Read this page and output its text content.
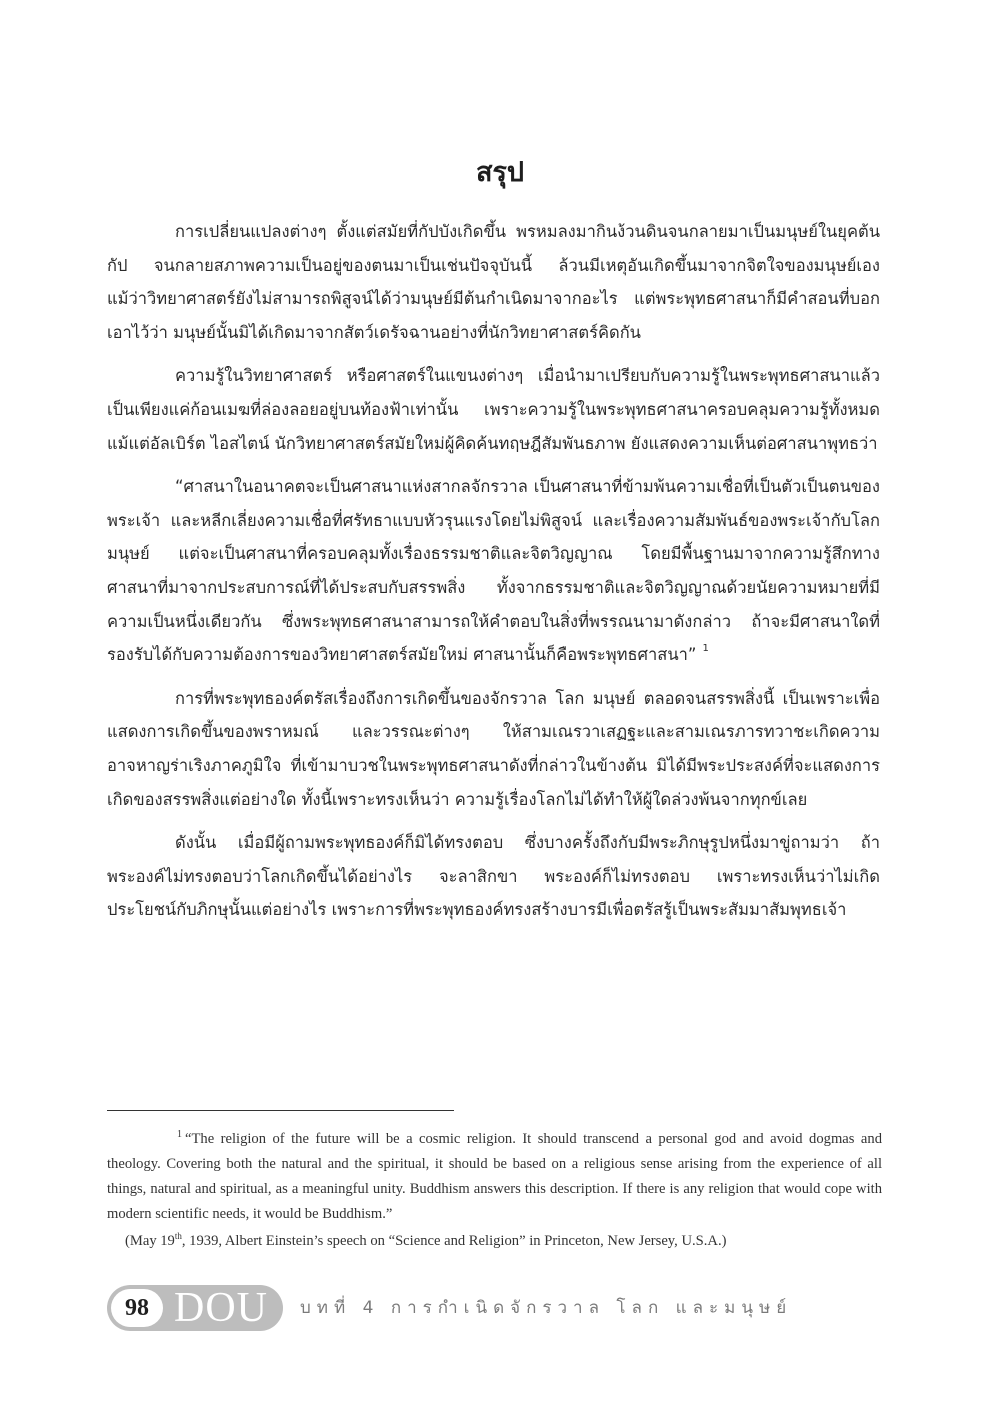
สรุป

การเปลี่ยนแปลงต่างๆ ตั้งแต่สมัยที่กัปบังเกิดขึ้น พรหมลงมากินง้วนดินจนกลายมาเป็นมนุษย์ในยุคต้นกัป จนกลายสภาพความเป็นอยู่ของตนมาเป็นเช่นปัจจุบันนี้ ล้วนมีเหตุอันเกิดขึ้นมาจากจิตใจของมนุษย์เอง แม้ว่าวิทยาศาสตร์ยังไม่สามารถพิสูจน์ได้ว่ามนุษย์มีต้นกำเนิดมาจากอะไร แต่พระพุทธศาสนาก็มีคำสอนที่บอกเอาไว้ว่า มนุษย์นั้นมิได้เกิดมาจากสัตว์เดรัจฉานอย่างที่นักวิทยาศาสตร์คิดกัน

ความรู้ในวิทยาศาสตร์ หรือศาสตร์ในแขนงต่างๆ เมื่อนำมาเปรียบกับความรู้ในพระพุทธศาสนาแล้ว เป็นเพียงแค่ก้อนเมฆที่ล่องลอยอยู่บนท้องฟ้าเท่านั้น เพราะความรู้ในพระพุทธศาสนาครอบคลุมความรู้ทั้งหมด แม้แต่อัลเบิร์ต ไอสไตน์ นักวิทยาศาสตร์สมัยใหม่ผู้คิดค้นทฤษฎีสัมพันธภาพ ยังแสดงความเห็นต่อศาสนาพุทธว่า

“ศาสนาในอนาคตจะเป็นศาสนาแห่งสากลจักรวาล เป็นศาสนาที่ข้ามพ้นความเชื่อที่เป็นตัวเป็นตนของพระเจ้า และหลีกเลี่ยงความเชื่อที่ศรัทธาแบบหัวรุนแรงโดยไม่พิสูจน์ และเรื่องความสัมพันธ์ของพระเจ้ากับโลกมนุษย์ แต่จะเป็นศาสนาที่ครอบคลุมทั้งเรื่องธรรมชาติและจิตวิญญาณ โดยมีพื้นฐานมาจากความรู้สึกทางศาสนาที่มาจากประสบการณ์ที่ได้ประสบกับสรรพสิ่ง ทั้งจากธรรมชาติและจิตวิญญาณด้วยนัยความหมายที่มีความเป็นหนึ่งเดียวกัน ซึ่งพระพุทธศาสนาสามารถให้คำตอบในสิ่งที่พรรณนามาดังกล่าว ถ้าจะมีศาสนาใดที่รองรับได้กับความต้องการของวิทยาศาสตร์สมัยใหม่ ศาสนานั้นก็คือพระพุทธศาสนา” $^1$

การที่พระพุทธองค์ตรัสเรื่องถึงการเกิดขึ้นของจักรวาล โลก มนุษย์ ตลอดจนสรรพสิ่งนี้ เป็นเพราะเพื่อแสดงการเกิดขึ้นของพราหมณ์ และวรรณะต่างๆ ให้สามเณรวาเสฏฐะและสามเณรภารทวาชะเกิดความอาจหาญร่าเริงภาคภูมิใจ ที่เข้ามาบวชในพระพุทธศาสนาดังที่กล่าวในข้างต้น มิได้มีพระประสงค์ที่จะแสดงการเกิดของสรรพสิ่งแต่อย่างใด ทั้งนี้เพราะทรงเห็นว่า ความรู้เรื่องโลกไม่ได้ทำให้ผู้ใดล่วงพ้นจากทุกข์เลย

ดังนั้น เมื่อมีผู้ถามพระพุทธองค์ก็มิได้ทรงตอบ ซึ่งบางครั้งถึงกับมีพระภิกษุรูปหนึ่งมาขู่ถามว่า ถ้าพระองค์ไม่ทรงตอบว่าโลกเกิดขึ้นได้อย่างไร จะลาสิกขา พระองค์ก็ไม่ทรงตอบ เพราะทรงเห็นว่าไม่เกิดประโยชน์กับภิกษุนั้นแต่อย่างไร เพราะการที่พระพุทธองค์ทรงสร้างบารมีเพื่อตรัสรู้เป็นพระสัมมาสัมพุทธเจ้า

$^1$ “The religion of the future will be a cosmic religion. It should transcend a personal god and avoid dogmas and theology. Covering both the natural and the spiritual, it should be based on a religious sense arising from the experience of all things, natural and spiritual, as a meaningful unity. Buddhism answers this description. If there is any religion that would cope with modern scientific needs, it would be Buddhism.”

(May 19th, 1939, Albert Einstein’s speech on “Science and Religion” in Princeton, New Jersey, U.S.A.)

98 DOU บทที่ 4 การกำเนิดจักรวาล โลก และมนุษย์
